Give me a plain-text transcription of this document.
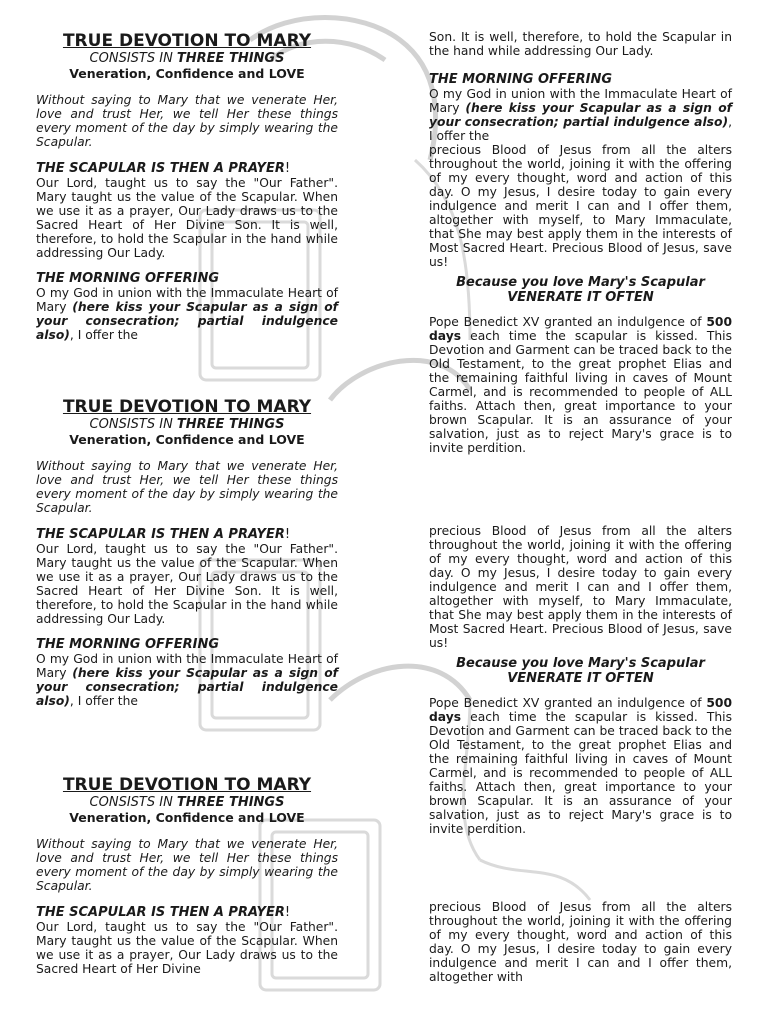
TRUE DEVOTION TO MARY

CONSISTS IN THREE THINGS

Veneration, Confidence and LOVE

Without saying to Mary that we venerate Her, love and trust Her, we tell Her these things every moment of the day by simply wearing the Scapular.

THE SCAPULAR IS THEN A PRAYER!

Our Lord, taught us to say the "Our Father". Mary taught us the value of the Scapular. When we use it as a prayer, Our Lady draws us to the Sacred Heart of Her Divine Son. It is well, therefore, to hold the Scapular in the hand while addressing Our Lady.

THE MORNING OFFERING

O my God in union with the Immaculate Heart of Mary (here kiss your Scapular as a sign of your consecration; partial indulgence also), I offer the

TRUE DEVOTION TO MARY

CONSISTS IN THREE THINGS

Veneration, Confidence and LOVE

Without saying to Mary that we venerate Her, love and trust Her, we tell Her these things every moment of the day by simply wearing the Scapular.

THE SCAPULAR IS THEN A PRAYER!

Our Lord, taught us to say the "Our Father". Mary taught us the value of the Scapular. When we use it as a prayer, Our Lady draws us to the Sacred Heart of Her Divine Son. It is well, therefore, to hold the Scapular in the hand while addressing Our Lady.

THE MORNING OFFERING

O my God in union with the Immaculate Heart of Mary (here kiss your Scapular as a sign of your consecration; partial indulgence also), I offer the

TRUE DEVOTION TO MARY

CONSISTS IN THREE THINGS

Veneration, Confidence and LOVE

Without saying to Mary that we venerate Her, love and trust Her, we tell Her these things every moment of the day by simply wearing the Scapular.

THE SCAPULAR IS THEN A PRAYER!

Our Lord, taught us to say the "Our Father". Mary taught us the value of the Scapular. When we use it as a prayer, Our Lady draws us to the Sacred Heart of Her Divine

Son. It is well, therefore, to hold the Scapular in the hand while addressing Our Lady.

THE MORNING OFFERING

O my God in union with the Immaculate Heart of Mary (here kiss your Scapular as a sign of your consecration; partial indulgence also), I offer the

precious Blood of Jesus from all the alters throughout the world, joining it with the offering of my every thought, word and action of this day. O my Jesus, I desire today to gain every indulgence and merit I can and I offer them, altogether with myself, to Mary Immaculate, that She may best apply them in the interests of Most Sacred Heart. Precious Blood of Jesus, save us!

Because you love Mary's Scapular

VENERATE IT OFTEN

Pope Benedict XV granted an indulgence of 500 days each time the scapular is kissed. This Devotion and Garment can be traced back to the Old Testament, to the great prophet Elias and the remaining faithful living in caves of Mount Carmel, and is recommended to people of ALL faiths. Attach then, great importance to your brown Scapular. It is an assurance of your salvation, just as to reject Mary's grace is to invite perdition.

precious Blood of Jesus from all the alters throughout the world, joining it with the offering of my every thought, word and action of this day. O my Jesus, I desire today to gain every indulgence and merit I can and I offer them, altogether with myself, to Mary Immaculate, that She may best apply them in the interests of Most Sacred Heart. Precious Blood of Jesus, save us!

Because you love Mary's Scapular

VENERATE IT OFTEN

Pope Benedict XV granted an indulgence of 500 days each time the scapular is kissed. This Devotion and Garment can be traced back to the Old Testament, to the great prophet Elias and the remaining faithful living in caves of Mount Carmel, and is recommended to people of ALL faiths. Attach then, great importance to your brown Scapular. It is an assurance of your salvation, just as to reject Mary's grace is to invite perdition.

precious Blood of Jesus from all the alters throughout the world, joining it with the offering of my every thought, word and action of this day. O my Jesus, I desire today to gain every indulgence and merit I can and I offer them, altogether with
